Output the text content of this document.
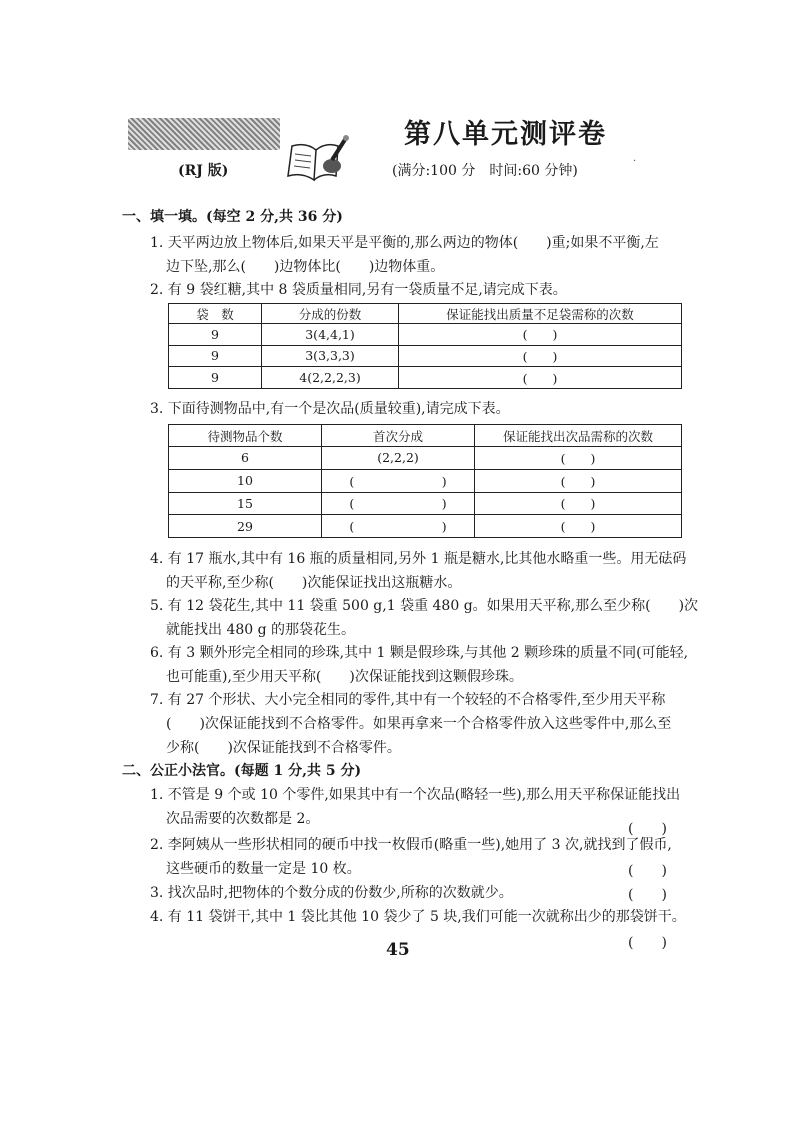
(RJ 版)
第八单元测评卷
(满分:100 分　时间:60 分钟)
·
一、填一填。(每空 2 分,共 36 分)
1. 天平两边放上物体后,如果天平是平衡的,那么两边的物体(　　)重;如果不平衡,左
边下坠,那么(　　)边物体比(　　)边物体重。
2. 有 9 袋红糖,其中 8 袋质量相同,另有一袋质量不足,请完成下表。
袋　数	分成的份数	保证能找出质量不足袋需称的次数
9	3(4,4,1)	(　　)
9	3(3,3,3)	(　　)
9	4(2,2,2,3)	(　　)
3. 下面待测物品中,有一个是次品(质量较重),请完成下表。
待测物品个数	首次分成	保证能找出次品需称的次数
6	(2,2,2)	(　　)
10	(　　　　　　　)	(　　)
15	(　　　　　　　)	(　　)
29	(　　　　　　　)	(　　)
4. 有 17 瓶水,其中有 16 瓶的质量相同,另外 1 瓶是糖水,比其他水略重一些。用无砝码
的天平称,至少称(　　)次能保证找出这瓶糖水。
5. 有 12 袋花生,其中 11 袋重 500 g,1 袋重 480 g。如果用天平称,那么至少称(　　)次
就能找出 480 g 的那袋花生。
6. 有 3 颗外形完全相同的珍珠,其中 1 颗是假珍珠,与其他 2 颗珍珠的质量不同(可能轻,
也可能重),至少用天平称(　　)次保证能找到这颗假珍珠。
7. 有 27 个形状、大小完全相同的零件,其中有一个较轻的不合格零件,至少用天平称
(　　)次保证能找到不合格零件。如果再拿来一个合格零件放入这些零件中,那么至
少称(　　)次保证能找到不合格零件。
二、公正小法官。(每题 1 分,共 5 分)
1. 不管是 9 个或 10 个零件,如果其中有一个次品(略轻一些),那么用天平称保证能找出
次品需要的次数都是 2。
(　　)
2. 李阿姨从一些形状相同的硬币中找一枚假币(略重一些),她用了 3 次,就找到了假币,
这些硬币的数量一定是 10 枚。	(　　)
3. 找次品时,把物体的个数分成的份数少,所称的次数就少。	(　　)
4. 有 11 袋饼干,其中 1 袋比其他 10 袋少了 5 块,我们可能一次就称出少的那袋饼干。
(　　)
45
